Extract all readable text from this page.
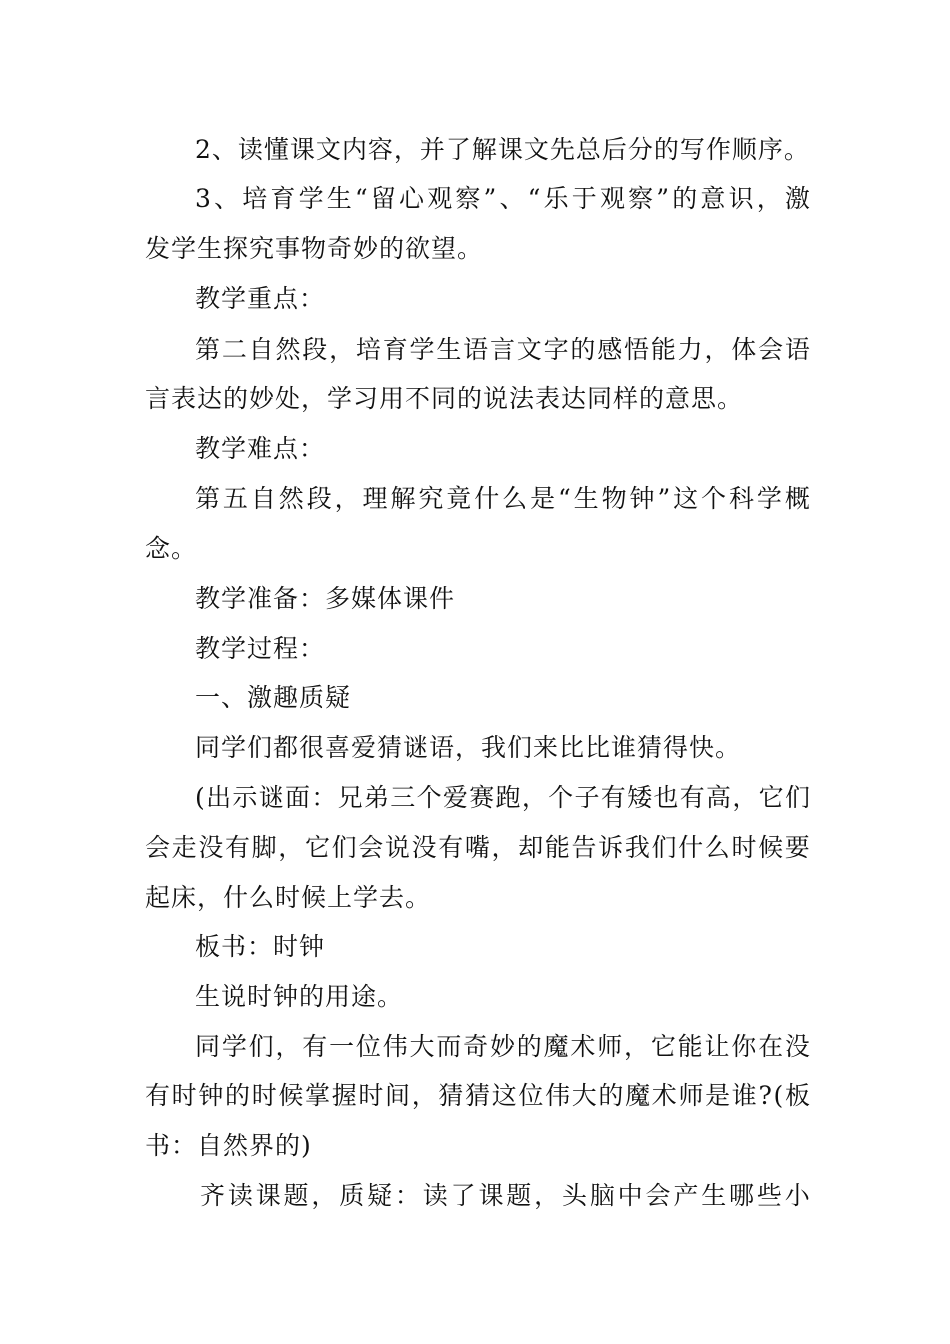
2、读懂课文内容，并了解课文先总后分的写作顺序。
3 、 培 育 学 生 “ 留 心 观 察 ” 、 “ 乐 于 观 察 ” 的 意 识 ， 激
发学生探究事物奇妙的欲望。
教学重点：
第 二 自 然 段 ， 培 育 学 生 语 言 文 字 的 感 悟 能 力 ， 体 会 语
言表达的妙处，学习用不同的说法表达同样的意思。
教学难点：
第 五 自 然 段 ， 理 解 究 竟 什 么 是 “ 生 物 钟 ” 这 个 科 学 概
念。
教学准备：多媒体课件
教学过程：
一、激趣质疑
同学们都很喜爱猜谜语，我们来比比谁猜得快。
( 出 示 谜 面 ： 兄 弟 三 个 爱 赛 跑 ， 个 子 有 矮 也 有 高 ， 它 们
会 走 没 有 脚 ， 它 们 会 说 没 有 嘴 ， 却 能 告 诉 我 们 什 么 时 候 要
起床，什么时候上学去。
板书：时钟
生说时钟的用途。
同 学 们 ， 有 一 位 伟 大 而 奇 妙 的 魔 术 师 ， 它 能 让 你 在 没
有 时 钟 的 时 候 掌 握 时 间 ， 猜 猜 这 位 伟 大 的 魔 术 师 是 谁 ? ( 板
书：自然界的)
齐 读 课 题 ， 质 疑 ： 读 了 课 题 ， 头 脑 中 会 产 生 哪 些 小
